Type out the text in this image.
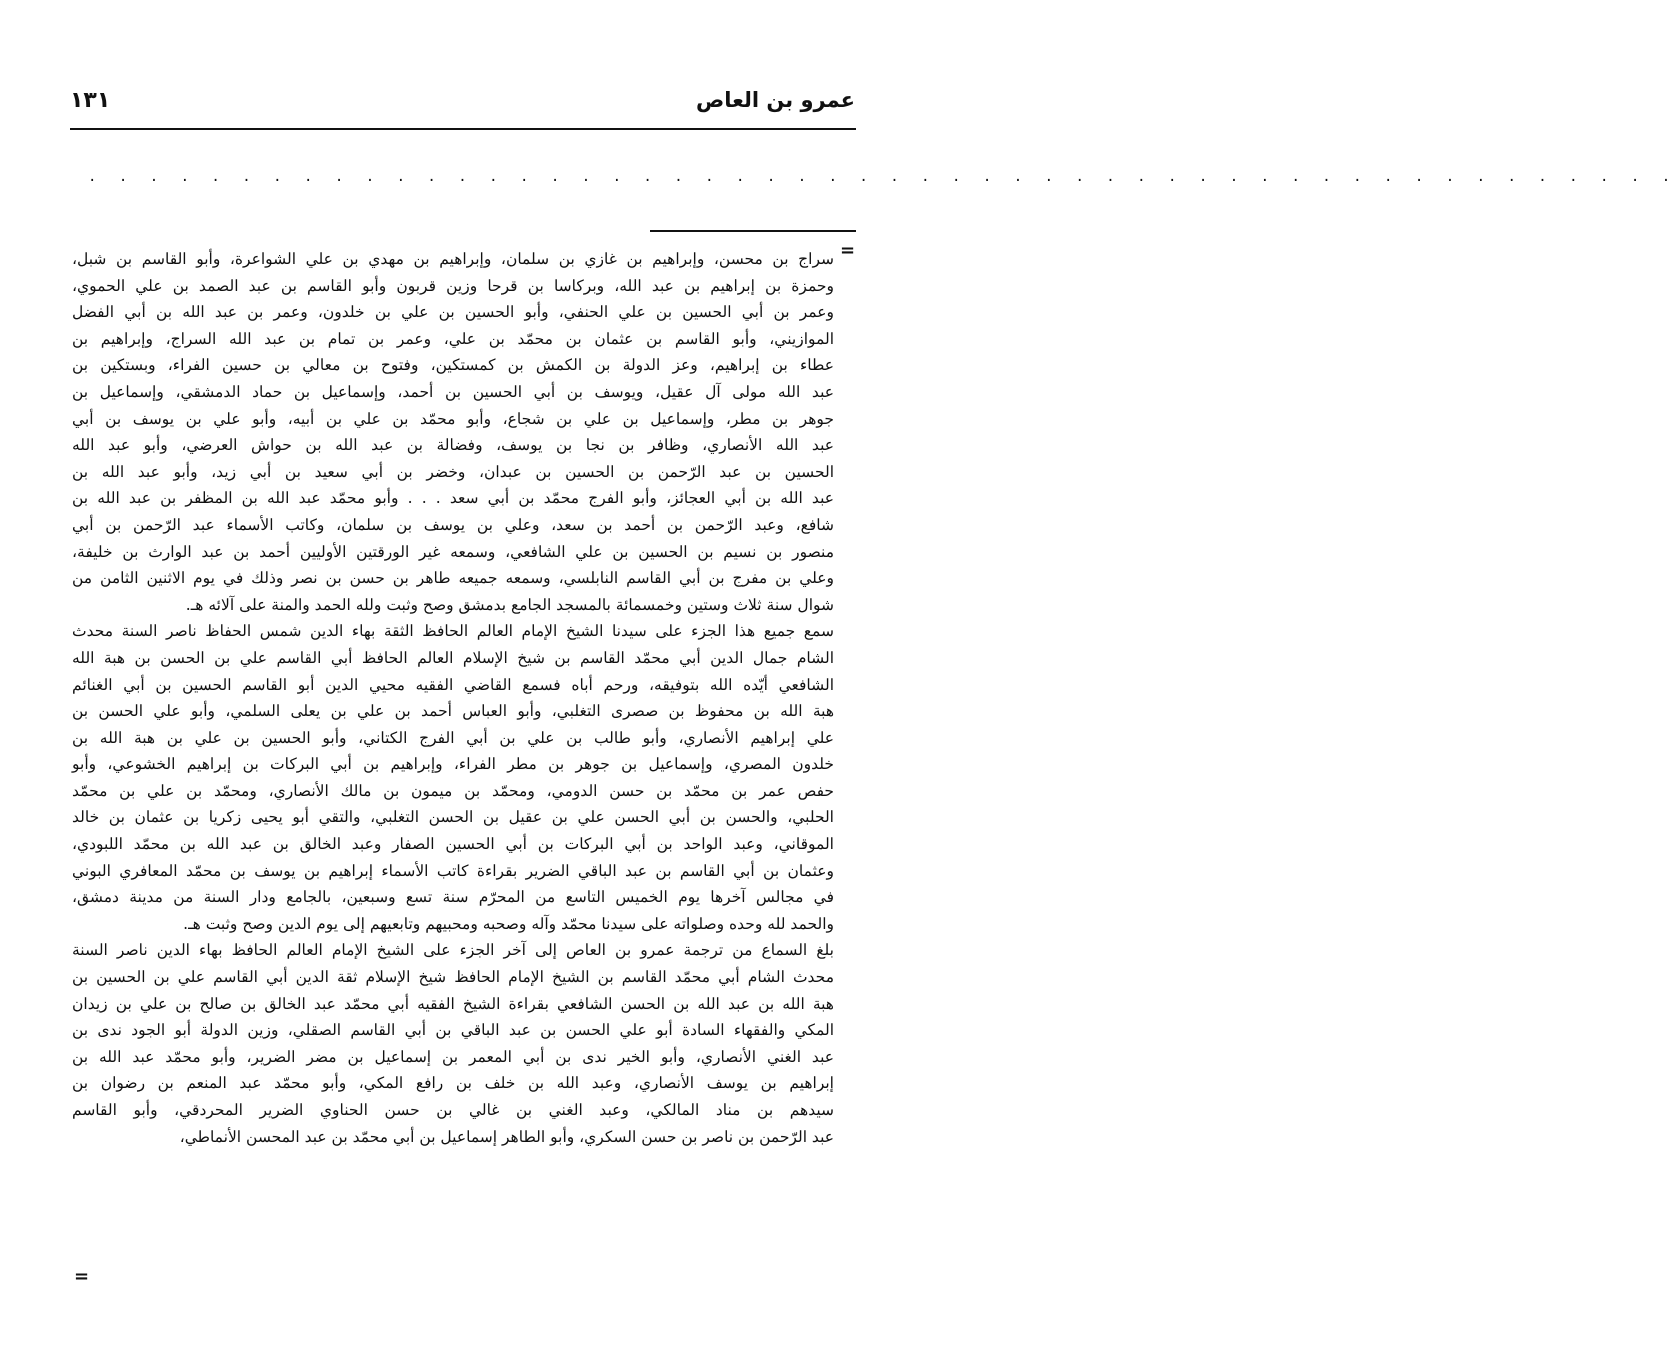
عمرو بن العاص
١٣١
. . . . . . . . . . . . . . . . . . . . . . . . . . . . . . . . . . . . . . . . . . . . . . . . . . . .
=
سراج بن محسن، وإبراهيم بن غازي بن سلمان، وإبراهيم بن مهدي بن علي الشواعرة، وأبو القاسم بن شبل،
وحمزة بن إبراهيم بن عبد الله، وبركاسا بن قرحا وزين قربون وأبو القاسم بن عبد الصمد بن علي الحموي،
وعمر بن أبي الحسين بن علي الحنفي، وأبو الحسين بن علي بن خلدون، وعمر بن عبد الله بن أبي الفضل
الموازيني، وأبو القاسم بن عثمان بن محمّد بن علي، وعمر بن تمام بن عبد الله السراج، وإبراهيم بن
عطاء بن إبراهيم، وعز الدولة بن الكمش بن كمستكين، وفتوح بن معالي بن حسين الفراء، وبستكين بن
عبد الله مولى آل عقيل، ويوسف بن أبي الحسين بن أحمد، وإسماعيل بن حماد الدمشقي، وإسماعيل بن
جوهر بن مطر، وإسماعيل بن علي بن شجاع، وأبو محمّد بن علي بن أبيه، وأبو علي بن يوسف بن أبي
عبد الله الأنصاري، وظافر بن نجا بن يوسف، وفضالة بن عبد الله بن حواش العرضي، وأبو عبد الله
الحسين بن عبد الرّحمن بن الحسين بن عبدان، وخضر بن أبي سعيد بن أبي زيد، وأبو عبد الله بن
عبد الله بن أبي العجائز، وأبو الفرج محمّد بن أبي سعد . . . وأبو محمّد عبد الله بن المظفر بن عبد الله بن
شافع، وعبد الرّحمن بن أحمد بن سعد، وعلي بن يوسف بن سلمان، وكاتب الأسماء عبد الرّحمن بن أبي
منصور بن نسيم بن الحسين بن علي الشافعي، وسمعه غير الورقتين الأوليين أحمد بن عبد الوارث بن خليفة،
وعلي بن مفرج بن أبي القاسم النابلسي، وسمعه جميعه طاهر بن حسن بن نصر وذلك في يوم الاثنين الثامن من
شوال سنة ثلاث وستين وخمسمائة بالمسجد الجامع بدمشق وصح وثبت ولله الحمد والمنة على آلائه هـ.
سمع جميع هذا الجزء على سيدنا الشيخ الإمام العالم الحافظ الثقة بهاء الدين شمس الحفاظ ناصر السنة محدث
الشام جمال الدين أبي محمّد القاسم بن شيخ الإسلام العالم الحافظ أبي القاسم علي بن الحسن بن هبة الله
الشافعي أيّده الله بتوفيقه، ورحم أباه فسمع القاضي الفقيه محيي الدين أبو القاسم الحسين بن أبي الغنائم
هبة الله بن محفوظ بن صصرى التغلبي، وأبو العباس أحمد بن علي بن يعلى السلمي، وأبو علي الحسن بن
علي إبراهيم الأنصاري، وأبو طالب بن علي بن أبي الفرج الكتاني، وأبو الحسين بن علي بن هبة الله بن
خلدون المصري، وإسماعيل بن جوهر بن مطر الفراء، وإبراهيم بن أبي البركات بن إبراهيم الخشوعي، وأبو
حفص عمر بن محمّد بن حسن الدومي، ومحمّد بن ميمون بن مالك الأنصاري، ومحمّد بن علي بن محمّد
الحلبي، والحسن بن أبي الحسن علي بن عقيل بن الحسن التغلبي، والتقي أبو يحيى زكريا بن عثمان بن خالد
الموقاني، وعبد الواحد بن أبي البركات بن أبي الحسين الصفار وعبد الخالق بن عبد الله بن محمّد اللبودي،
وعثمان بن أبي القاسم بن عبد الباقي الضرير بقراءة كاتب الأسماء إبراهيم بن يوسف بن محمّد المعافري البوني
في مجالس آخرها يوم الخميس التاسع من المحرّم سنة تسع وسبعين، بالجامع ودار السنة من مدينة دمشق،
والحمد لله وحده وصلواته على سيدنا محمّد وآله وصحبه ومحبيهم وتابعيهم إلى يوم الدين وصح وثبت هـ.
بلغ السماع من ترجمة عمرو بن العاص إلى آخر الجزء على الشيخ الإمام العالم الحافظ بهاء الدين ناصر السنة
محدث الشام أبي محمّد القاسم بن الشيخ الإمام الحافظ شيخ الإسلام ثقة الدين أبي القاسم علي بن الحسين بن
هبة الله بن عبد الله بن الحسن الشافعي بقراءة الشيخ الفقيه أبي محمّد عبد الخالق بن صالح بن علي بن زيدان
المكي والفقهاء السادة أبو علي الحسن بن عبد الباقي بن أبي القاسم الصقلي، وزين الدولة أبو الجود ندى بن
عبد الغني الأنصاري، وأبو الخير ندى بن أبي المعمر بن إسماعيل بن مضر الضرير، وأبو محمّد عبد الله بن
إبراهيم بن يوسف الأنصاري، وعبد الله بن خلف بن رافع المكي، وأبو محمّد عبد المنعم بن رضوان بن
سيدهم بن مناد المالكي، وعبد الغني بن غالي بن حسن الحناوي الضرير المحردقي، وأبو القاسم
عبد الرّحمن بن ناصر بن حسن السكري، وأبو الطاهر إسماعيل بن أبي محمّد بن عبد المحسن الأنماطي،
=
